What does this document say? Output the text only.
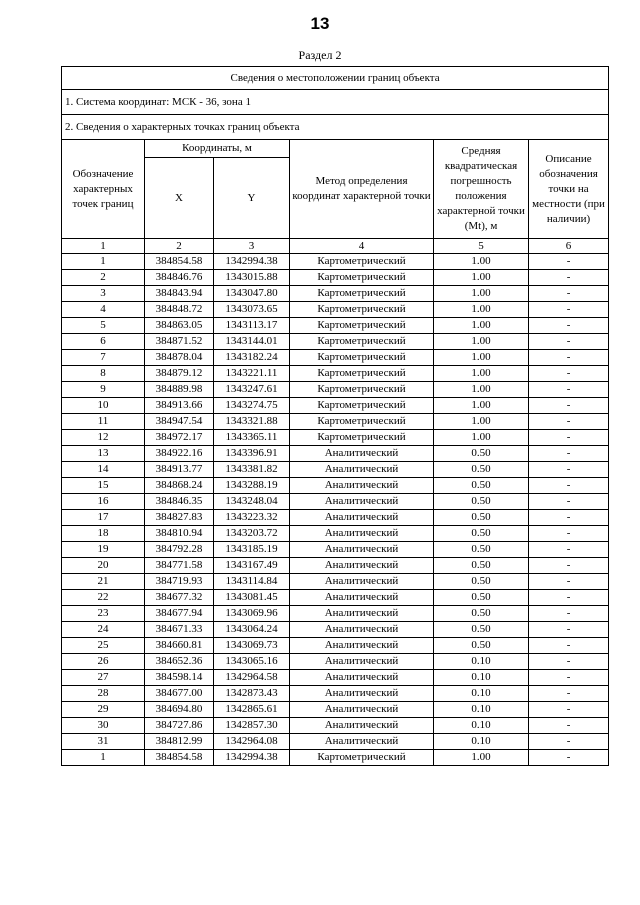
13
Раздел 2
Сведения о местоположении границ объекта					
1. Система координат: МСК - 36, зона 1					
2. Сведения о характерных точках границ объекта					
Обозначение характерных точек границ	Координаты, м		Метод определения координат характерной точки	Средняя квадратическая погрешность положения характерной точки (Mt), м	Описание обозначения точки на местности (при наличии)
	X	Y			
1	2	3	4	5	6
1	384854.58	1342994.38	Картометрический	1.00	-
2	384846.76	1343015.88	Картометрический	1.00	-
3	384843.94	1343047.80	Картометрический	1.00	-
4	384848.72	1343073.65	Картометрический	1.00	-
5	384863.05	1343113.17	Картометрический	1.00	-
6	384871.52	1343144.01	Картометрический	1.00	-
7	384878.04	1343182.24	Картометрический	1.00	-
8	384879.12	1343221.11	Картометрический	1.00	-
9	384889.98	1343247.61	Картометрический	1.00	-
10	384913.66	1343274.75	Картометрический	1.00	-
11	384947.54	1343321.88	Картометрический	1.00	-
12	384972.17	1343365.11	Картометрический	1.00	-
13	384922.16	1343396.91	Аналитический	0.50	-
14	384913.77	1343381.82	Аналитический	0.50	-
15	384868.24	1343288.19	Аналитический	0.50	-
16	384846.35	1343248.04	Аналитический	0.50	-
17	384827.83	1343223.32	Аналитический	0.50	-
18	384810.94	1343203.72	Аналитический	0.50	-
19	384792.28	1343185.19	Аналитический	0.50	-
20	384771.58	1343167.49	Аналитический	0.50	-
21	384719.93	1343114.84	Аналитический	0.50	-
22	384677.32	1343081.45	Аналитический	0.50	-
23	384677.94	1343069.96	Аналитический	0.50	-
24	384671.33	1343064.24	Аналитический	0.50	-
25	384660.81	1343069.73	Аналитический	0.50	-
26	384652.36	1343065.16	Аналитический	0.10	-
27	384598.14	1342964.58	Аналитический	0.10	-
28	384677.00	1342873.43	Аналитический	0.10	-
29	384694.80	1342865.61	Аналитический	0.10	-
30	384727.86	1342857.30	Аналитический	0.10	-
31	384812.99	1342964.08	Аналитический	0.10	-
1	384854.58	1342994.38	Картометрический	1.00	-
